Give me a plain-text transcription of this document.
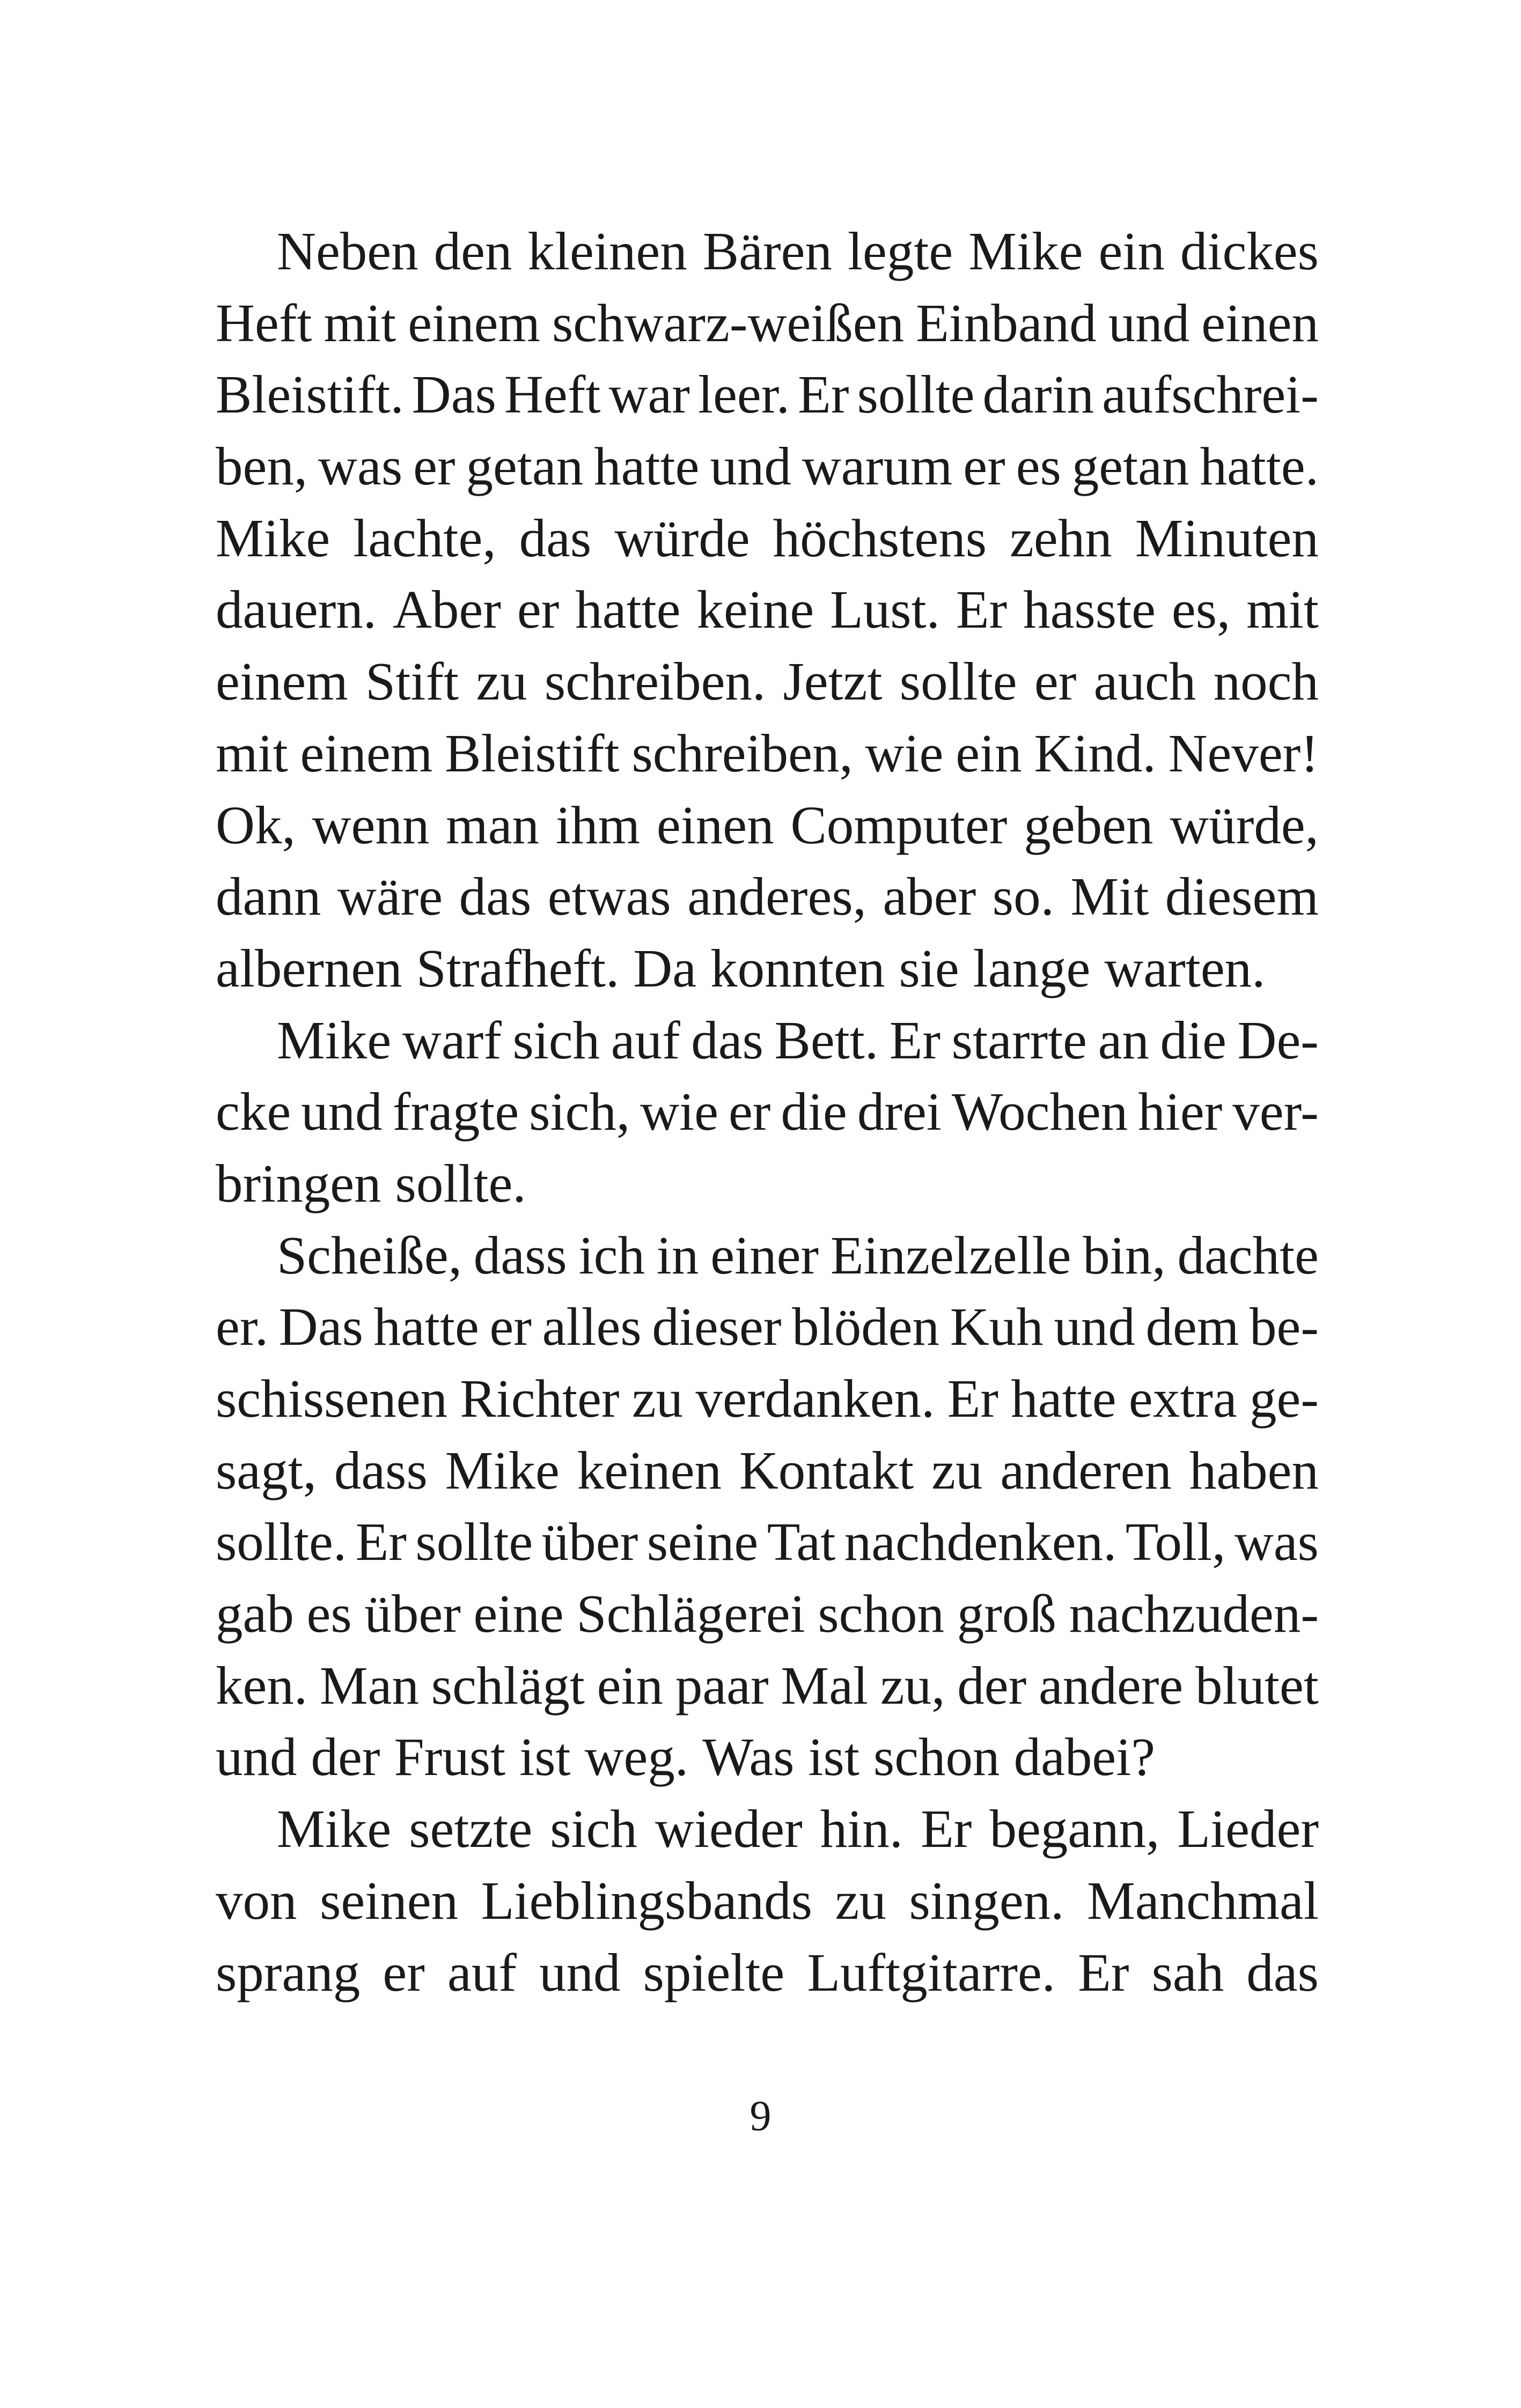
Neben den kleinen Bären legte Mike ein dickes
Heft mit einem schwarz-weißen Einband und einen
Bleistift. Das Heft war leer. Er sollte darin aufschrei-
ben, was er getan hatte und warum er es getan hatte.
Mike lachte, das würde höchstens zehn Minuten
dauern. Aber er hatte keine Lust. Er hasste es, mit
einem Stift zu schreiben. Jetzt sollte er auch noch
mit einem Bleistift schreiben, wie ein Kind. Never!
Ok, wenn man ihm einen Computer geben würde,
dann wäre das etwas anderes, aber so. Mit diesem
albernen Strafheft. Da konnten sie lange warten.
Mike warf sich auf das Bett. Er starrte an die De-
cke und fragte sich, wie er die drei Wochen hier ver-
bringen sollte.
Scheiße, dass ich in einer Einzelzelle bin, dachte
er. Das hatte er alles dieser blöden Kuh und dem be-
schissenen Richter zu verdanken. Er hatte extra ge-
sagt, dass Mike keinen Kontakt zu anderen haben
sollte. Er sollte über seine Tat nachdenken. Toll, was
gab es über eine Schlägerei schon groß nachzuden-
ken. Man schlägt ein paar Mal zu, der andere blutet
und der Frust ist weg. Was ist schon dabei?
Mike setzte sich wieder hin. Er begann, Lieder
von seinen Lieblingsbands zu singen. Manchmal
sprang er auf und spielte Luftgitarre. Er sah das
9
